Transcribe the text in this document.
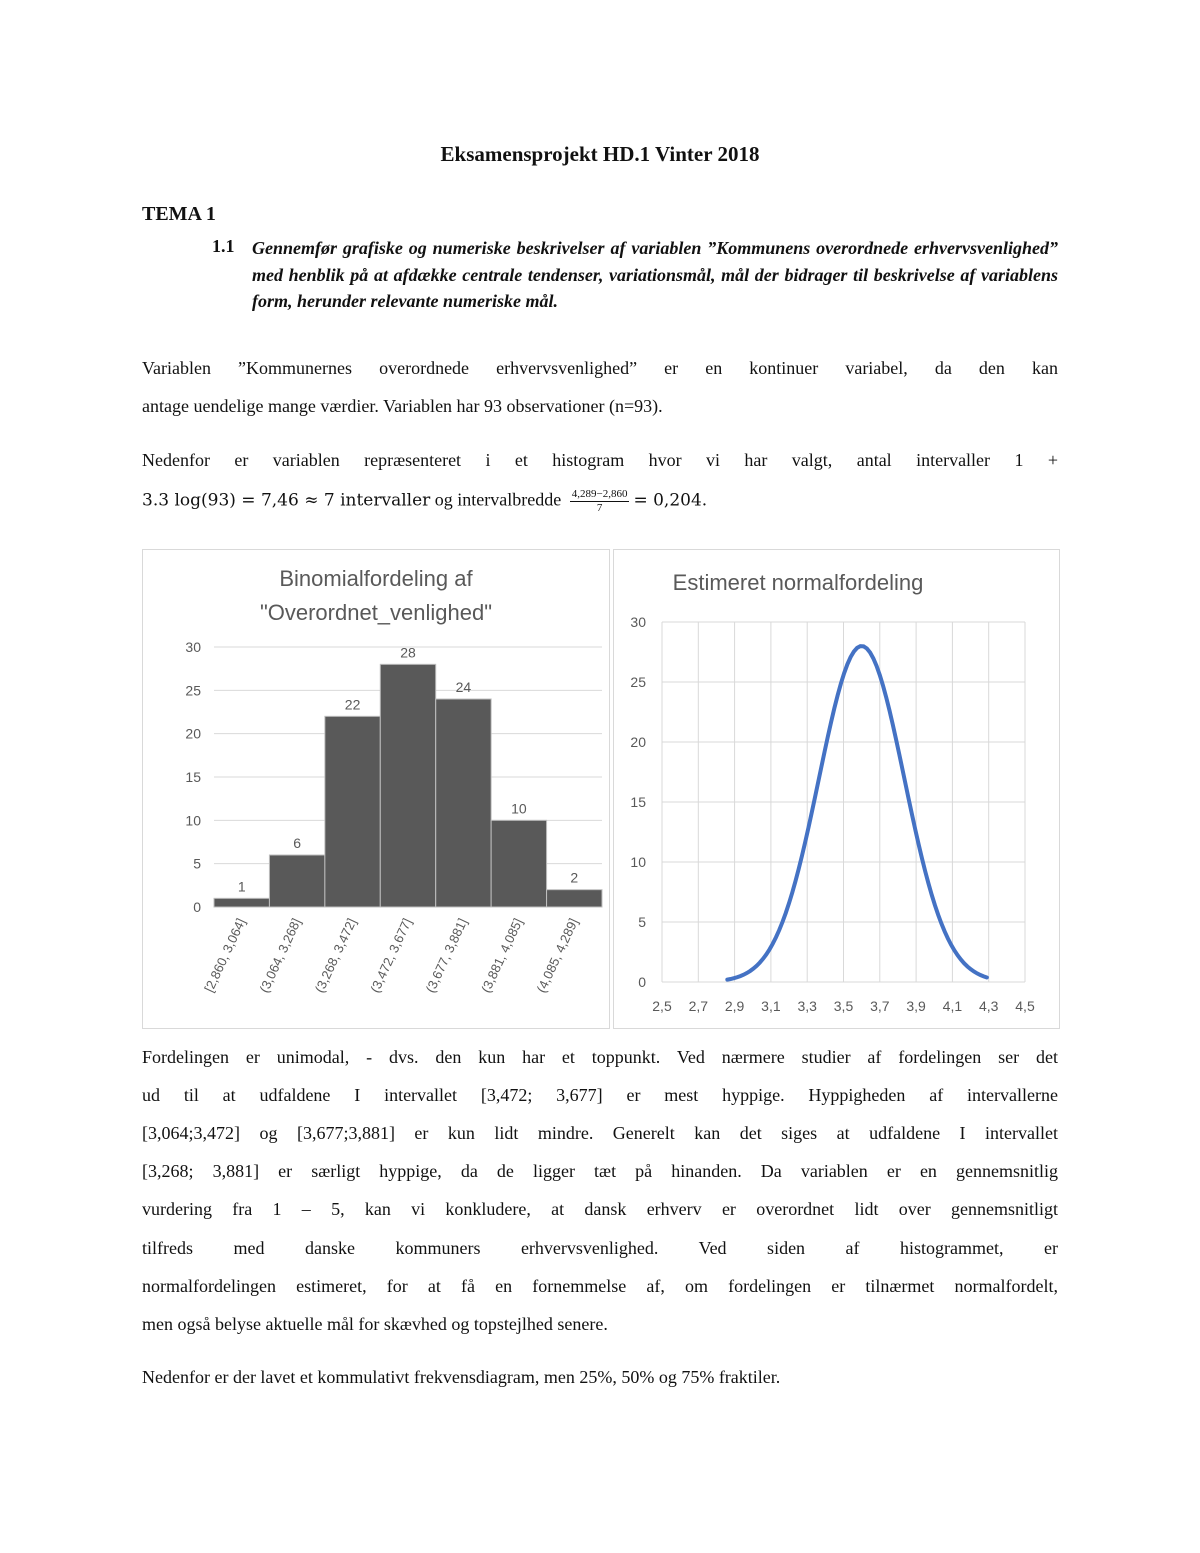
Eksamensprojekt HD.1 Vinter 2018
TEMA 1
1.1 Gennemfør grafiske og numeriske beskrivelser af variablen ”Kommunens overordnede erhvervsvenlighed” med henblik på at afdække centrale tendenser, variationsmål, mål der bidrager til beskrivelse af variablens form, herunder relevante numeriske mål.
Variablen ”Kommunernes overordnede erhvervsvenlighed” er en kontinuer variabel, da den kan
antage uendelige mange værdier. Variablen har 93 observationer (n=93).
Nedenfor er variablen repræsenteret i et histogram hvor vi har valgt, antal intervaller 1 +
3.3 log(93) = 7,46 ≈ 7 intervaller og intervalbredde $\frac{4,289-2,860}{7} = 0,204$.
Binomialfordeling af
"Overordnet_venlighed"
1
6
22
28
24
10
2
0
5
10
15
20
25
30
[2,860, 3,064] (3,064, 3,268] (3,268, 3,472] (3,472, 3,677] (3,677, 3,881] (3,881, 4,085] (4,085, 4,289]
Estimeret normalfordeling
0
5
10
15
20
25
30
2,5 2,7 2,9 3,1 3,3 3,5 3,7 3,9 4,1 4,3 4,5
Fordelingen er unimodal, - dvs. den kun har et toppunkt. Ved nærmere studier af fordelingen ser det
ud til at udfaldene I intervallet [3,472; 3,677] er mest hyppige. Hyppigheden af intervallerne
[3,064;3,472] og [3,677;3,881] er kun lidt mindre. Generelt kan det siges at udfaldene I intervallet
[3,268; 3,881] er særligt hyppige, da de ligger tæt på hinanden. Da variablen er en gennemsnitlig
vurdering fra 1 – 5, kan vi konkludere, at dansk erhverv er overordnet lidt over gennemsnitligt
tilfreds med danske kommuners erhvervsvenlighed. Ved siden af histogrammet, er
normalfordelingen estimeret, for at få en fornemmelse af, om fordelingen er tilnærmet normalfordelt,
men også belyse aktuelle mål for skævhed og topstejlhed senere.
Nedenfor er der lavet et kommulativt frekvensdiagram, men 25%, 50% og 75% fraktiler.
